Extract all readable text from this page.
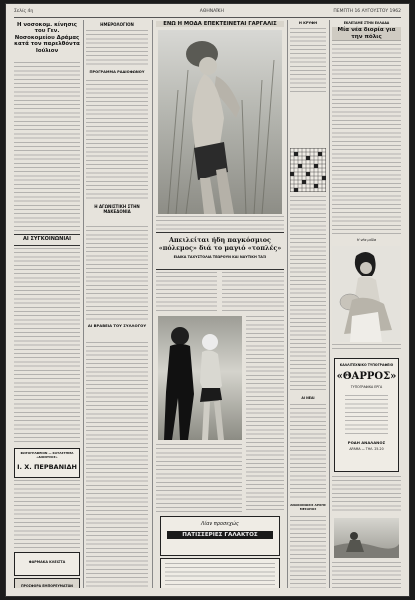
Σελίς 4η	ΑΘΗΝΑΪΚΗ	ΠΕΜΠΤΗ 16 ΑΥΓΟΥΣΤΟΥ 1962
Η νοσοκομ. κίνησις του Γεν. Νοσοκομείου Δράμας κατά τον παρελθόντα Ιούλιον
ΑΙ ΣΥΓΚΟΙΝΩΝΙΑΙ
ΦΩΤΟΓΡΑΦΕΙΟΝ — ΚΑΤΑΣΤΗΜΑ «ΔΙΟΝΥΣΟΣ»
Ι. Χ. ΠΕΡΒΑΝΙΔΗ
ΦΑΡΜΑΚΑ ΚΛΕΙΣΤΑ
ΠΡΟΣΦΟΡΑ ΕΜΠΟΡΕΥΜΑΤΩΝ
ΗΜΕΡΟΛΟΓΙΟΝ
ΠΡΟΓΡΑΜΜΑ ΡΑΔΙΟΦΩΝΟΥ
Η ΑΓΩΝΙΣΤΙΚΗ ΣΤΗΝ ΜΑΚΕΔΟΝΙΑ
ΑΙ ΒΡΑΒΕΙΑ ΤΟΥ ΣΥΛΛΟΓΟΥ
ΕΝΩ Η ΜΟΔΑ ΕΠΕΚΤΕΙΝΕΤΑΙ ΓΑΡΓΑΛΙΣ
Απειλείται ήδη παγκόσμιος «πόλεμος» διά το μαγιό «τοπλές»
ΕΙΔΙΚΑ ΤΑΧΥΣΤΟΛΙΑ ΤΕΩΡΟΥΝ ΚΑΙ ΝΑΥΤΙΚΗ ΤΑΞΙ
Λίαν προσεχώς
ΠΑΤΙΣΣΕΡΙΕΣ ΓΑΛΑΚΤΟΣ
Η ΚΡΥΦΗ
ΑΙ ΝΕΑΙ
ΑΝΑΚΟΙΝΩΣΙΣ ΑΡΧΗΣ ΜΕΣΑΠΟΣ
ΕΚΛΕΞΑΜΕ ΣΤΗΝ ΕΛΛΑΔΑ
Μία νέα διορία για την πόλις
Η νέα μόδα
ΚΑΛΛΙΤΕΧΝΙΚΟ ΤΥΠΟΓΡΑΦΕΙΟ
«ΘΑΡΡΟΣ»
ΤΥΠΟΓΡΑΦΙΚΑ ΕΡΓΑ
ΡΟΔΗ ΑΝΑΛΑΝΟΣ
ΔΡΑΜΑ — ΤΗΛ. 25-20
